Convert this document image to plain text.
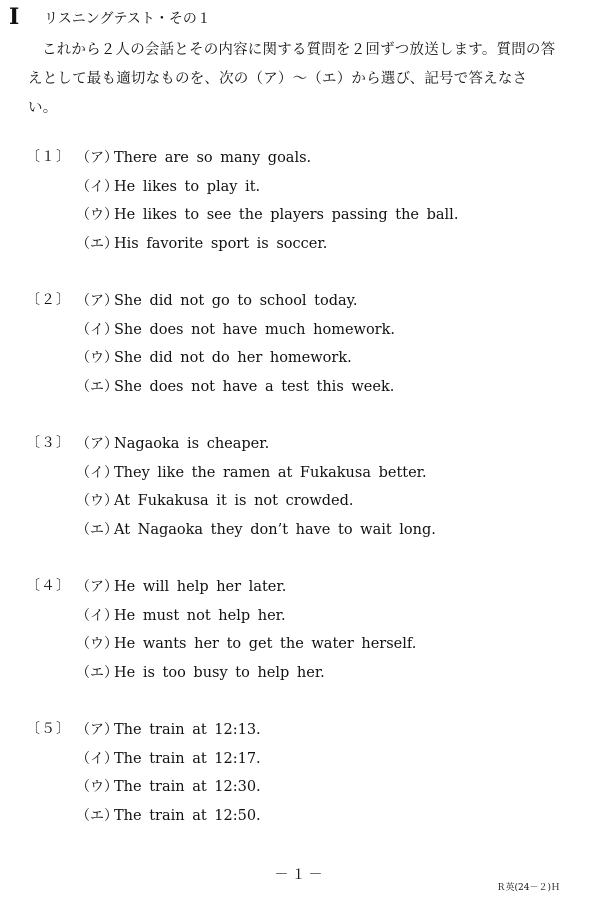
I リスニングテスト・その１
これから２人の会話とその内容に関する質問を２回ずつ放送します。質問の答えとして最も適切なものを、次の（ア）～（エ）から選び、記号で答えなさい。
〔１〕 （ア）There are so many goals.
（イ）He likes to play it.
（ウ）He likes to see the players passing the ball.
（エ）His favorite sport is soccer.
〔２〕 （ア）She did not go to school today.
（イ）She does not have much homework.
（ウ）She did not do her homework.
（エ）She does not have a test this week.
〔３〕 （ア）Nagaoka is cheaper.
（イ）They like the ramen at Fukakusa better.
（ウ）At Fukakusa it is not crowded.
（エ）At Nagaoka they don’t have to wait long.
〔４〕 （ア）He will help her later.
（イ）He must not help her.
（ウ）He wants her to get the water herself.
（エ）He is too busy to help her.
〔５〕 （ア）The train at 12:13.
（イ）The train at 12:17.
（ウ）The train at 12:30.
（エ）The train at 12:50.
－１－
Ｒ英(24－２)Ｈ
